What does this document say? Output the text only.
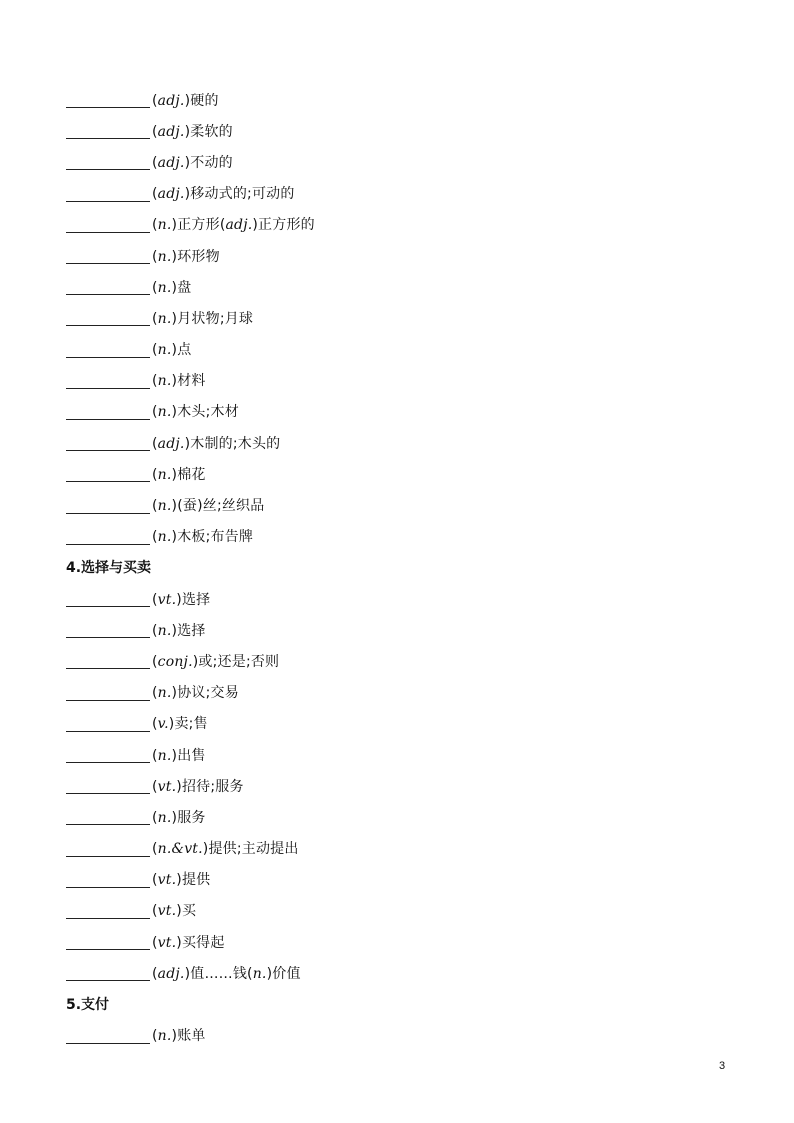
(adj.)硬的
(adj.)柔软的
(adj.)不动的
(adj.)移动式的;可动的
(n.)正方形(adj.)正方形的
(n.)环形物
(n.)盘
(n.)月状物;月球
(n.)点
(n.)材料
(n.)木头;木材
(adj.)木制的;木头的
(n.)棉花
(n.)(蚕)丝;丝织品
(n.)木板;布告牌
4.选择与买卖
(vt.)选择
(n.)选择
(conj.)或;还是;否则
(n.)协议;交易
(v.)卖;售
(n.)出售
(vt.)招待;服务
(n.)服务
(n.&vt.)提供;主动提出
(vt.)提供
(vt.)买
(vt.)买得起
(adj.)值……钱(n.)价值
5.支付
(n.)账单
3
